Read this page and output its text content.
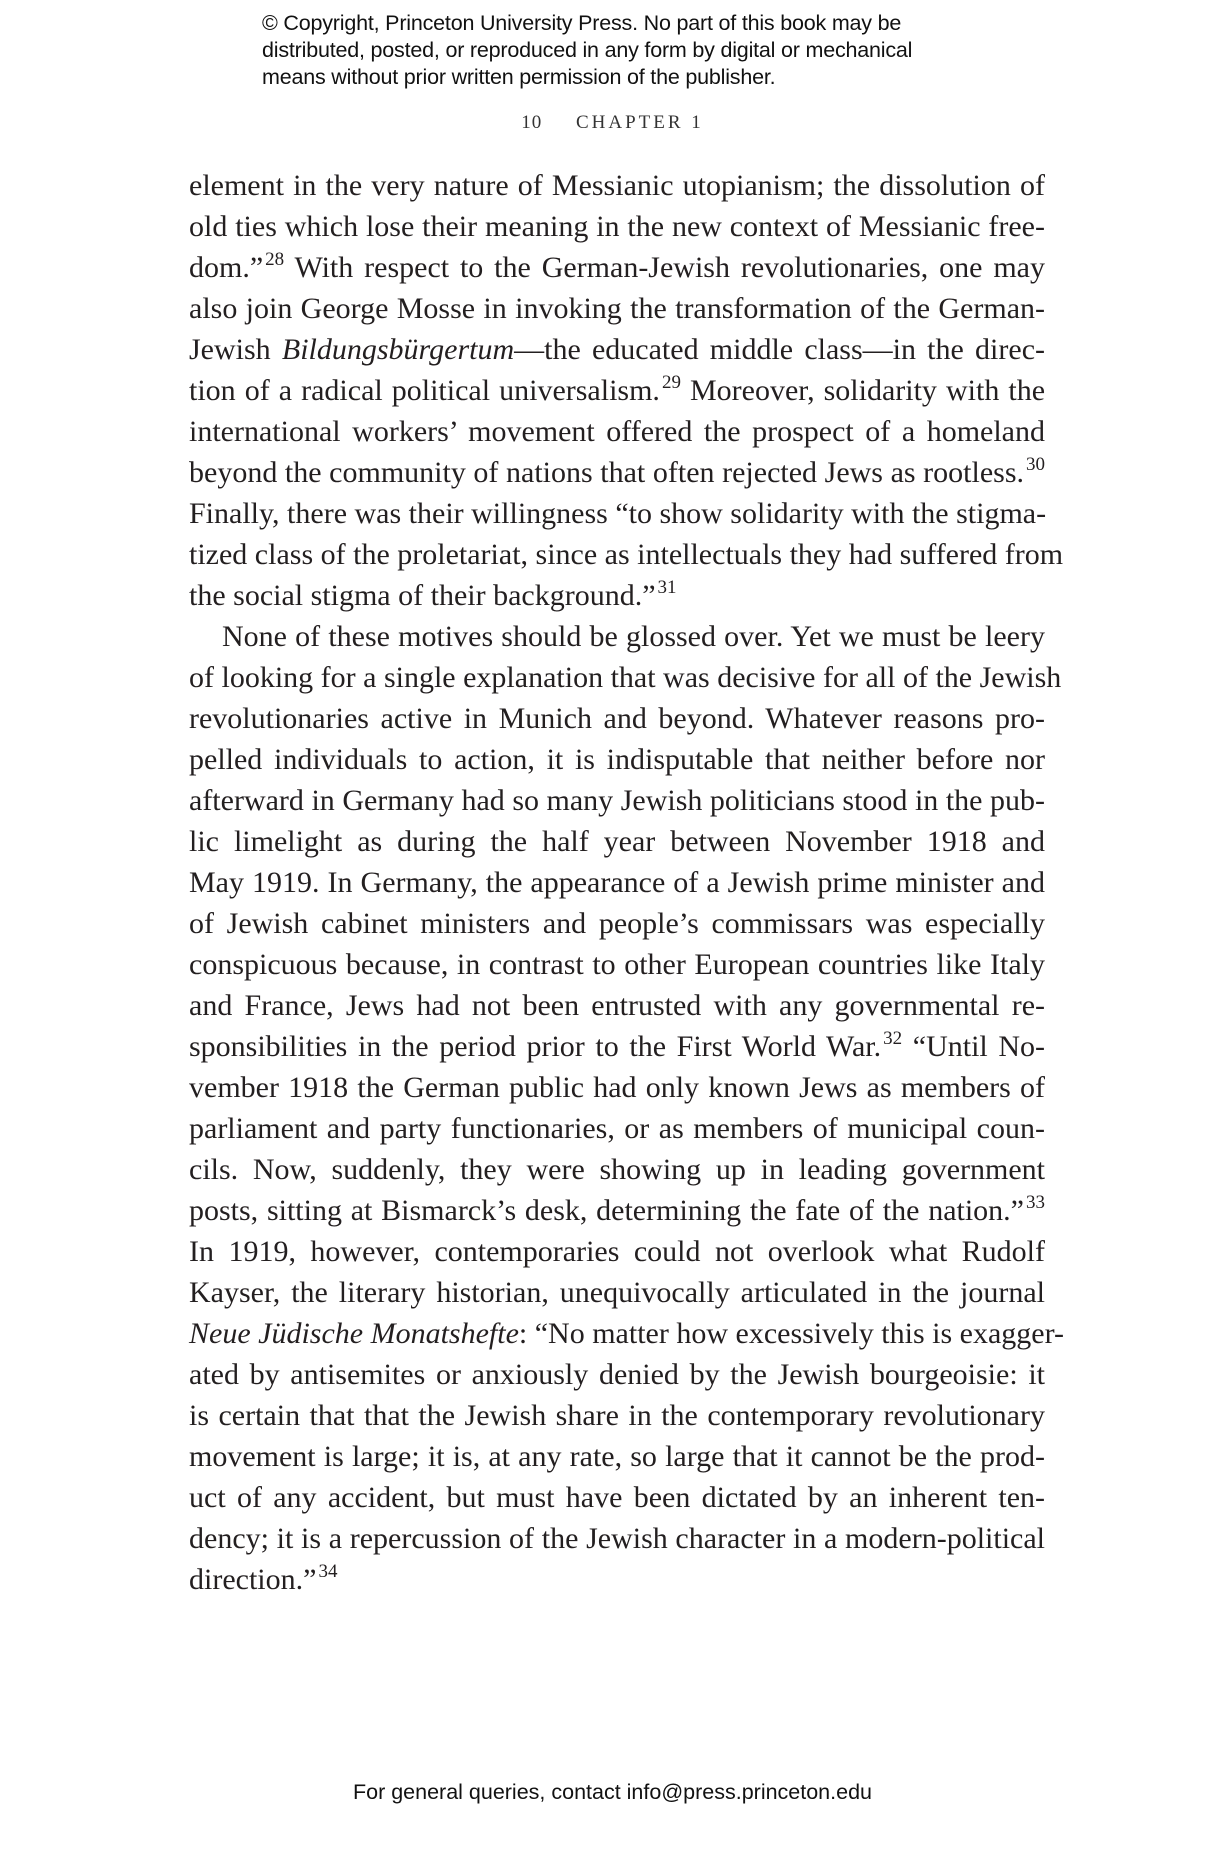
© Copyright, Princeton University Press. No part of this book may be
distributed, posted, or reproduced in any form by digital or mechanical
means without prior written permission of the publisher.
10 CHAPTER 1
element in the very nature of Messianic utopianism; the dissolution of
old ties which lose their meaning in the new context of Messianic free-
dom.” $^{28}$ With respect to the German-Jewish revolutionaries, one may
also join George Mosse in invoking the transformation of the German-
Jewish Bildungsbürgertum—the educated middle class—in the direc-
tion of a radical political universalism. $^{29}$ Moreover, solidarity with the
international workers’ movement offered the prospect of a homeland
beyond the community of nations that often rejected Jews as rootless. $^{30}$
Finally, there was their willingness “to show solidarity with the stigma-
tized class of the proletariat, since as intellectuals they had suffered from
the social stigma of their background.” $^{31}$
None of these motives should be glossed over. Yet we must be leery
of looking for a single explanation that was decisive for all of the Jewish
revolutionaries active in Munich and beyond. Whatever reasons pro-
pelled individuals to action, it is indisputable that neither before nor
afterward in Germany had so many Jewish politicians stood in the pub-
lic limelight as during the half year between November 1918 and
May 1919. In Germany, the appearance of a Jewish prime minister and
of Jewish cabinet ministers and people’s commissars was especially
conspicuous because, in contrast to other European countries like Italy
and France, Jews had not been entrusted with any governmental re-
sponsibilities in the period prior to the First World War. $^{32}$ “Until No-
vember 1918 the German public had only known Jews as members of
parliament and party functionaries, or as members of municipal coun-
cils. Now, suddenly, they were showing up in leading government
posts, sitting at Bismarck’s desk, determining the fate of the nation.” $^{33}$
In 1919, however, contemporaries could not overlook what Rudolf
Kayser, the literary historian, unequivocally articulated in the journal
Neue Jüdische Monatshefte: “No matter how excessively this is exagger-
ated by antisemites or anxiously denied by the Jewish bourgeoisie: it
is certain that that the Jewish share in the contemporary revolutionary
movement is large; it is, at any rate, so large that it cannot be the prod-
uct of any accident, but must have been dictated by an inherent ten-
dency; it is a repercussion of the Jewish character in a modern-political
direction.” $^{34}$
For general queries, contact info@press.princeton.edu
